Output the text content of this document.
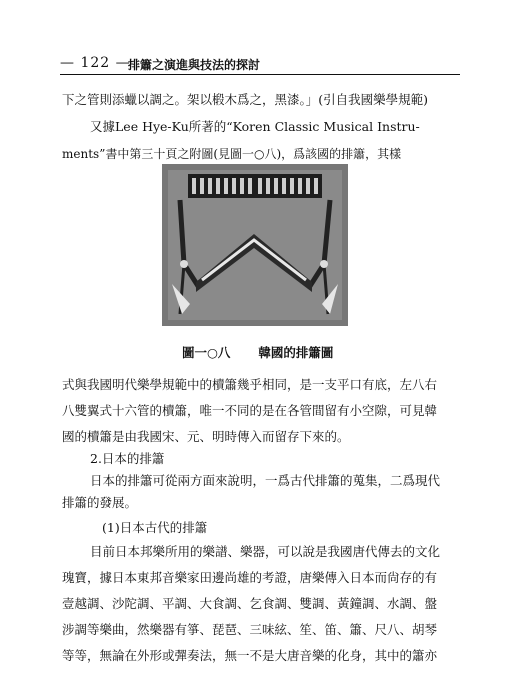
— 122 —
排簫之演進與技法的探討
下之管則添蠟以調之。架以椴木爲之，黑漆。」(引自我國樂學規範)
又據Lee Hye-Ku所著的“Koren Classic Musical Instru-
ments”書中第三十頁之附圖(見圖一○八)，爲該國的排簫，其樣
圖一○八 韓國的排簫圖
式與我國明代樂學規範中的櫝簫幾乎相同，是一支平口有底，左八右
八雙翼式十六管的櫝簫，唯一不同的是在各管間留有小空隙，可見韓
國的櫝簫是由我國宋、元、明時傳入而留存下來的。
2.日本的排簫
日本的排簫可從兩方面來說明，一爲古代排簫的蒐集，二爲現代
排簫的發展。
(1)日本古代的排簫
目前日本邦樂所用的樂譜、樂器，可以說是我國唐代傳去的文化
瑰寶，據日本東邦音樂家田邊尚雄的考證，唐樂傳入日本而尙存的有
壹越調、沙陀調、平調、大食調、乞食調、雙調、黃鐘調、水調、盤
涉調等樂曲，然樂器有箏、琵琶、三味絃、笙、笛、簫、尺八、胡琴
等等，無論在外形或彈奏法，無一不是大唐音樂的化身，其中的簫亦
